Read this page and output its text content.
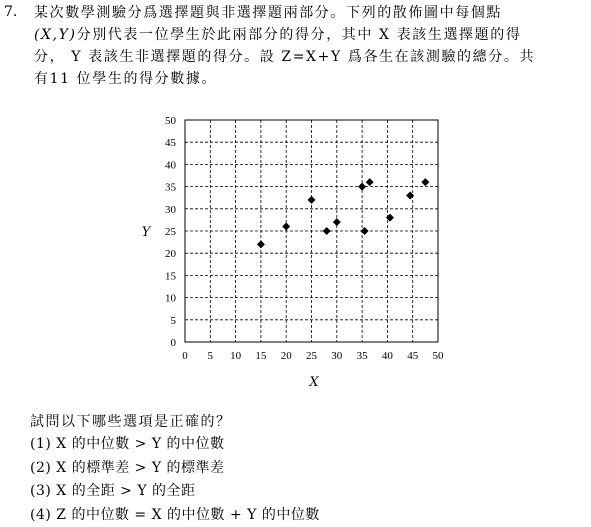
7. 某次數學測驗分爲選擇題與非選擇題兩部分。下列的散佈圖中每個點
(X,Y)分別代表一位學生於此兩部分的得分，其中 X 表該生選擇題的得
分， Y 表該生非選擇題的得分。設 Z=X+Y 爲各生在該測驗的總分。共
有11 位學生的得分數據。
0
5
10
15
20
25
30
35
40
45
50
0 5 10 15 20 25 30 35 40 45 50
Y
X
試問以下哪些選項是正確的？
(1) X 的中位數 > Y 的中位數
(2) X 的標準差 > Y 的標準差
(3) X 的全距 > Y 的全距
(4) Z 的中位數 = X 的中位數 + Y 的中位數
